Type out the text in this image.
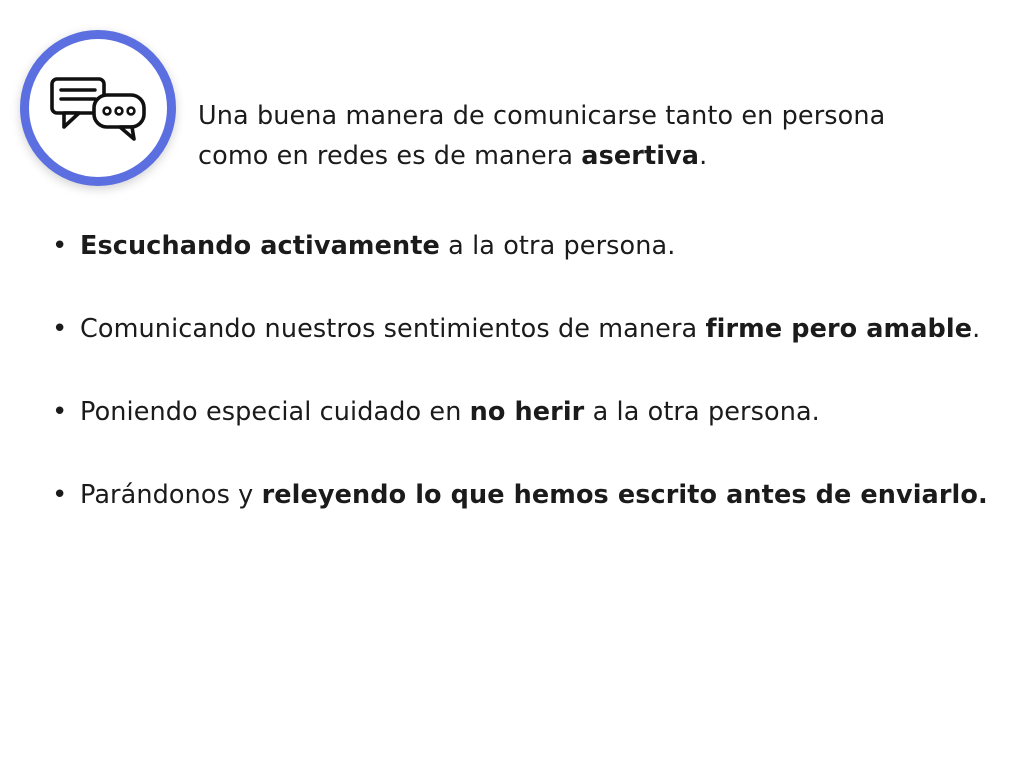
Una buena manera de comunicarse tanto en persona como en redes es de manera asertiva.
• Escuchando activamente a la otra persona.
• Comunicando nuestros sentimientos de manera firme pero amable.
• Poniendo especial cuidado en no herir a la otra persona.
• Parándonos y releyendo lo que hemos escrito antes de enviarlo.
